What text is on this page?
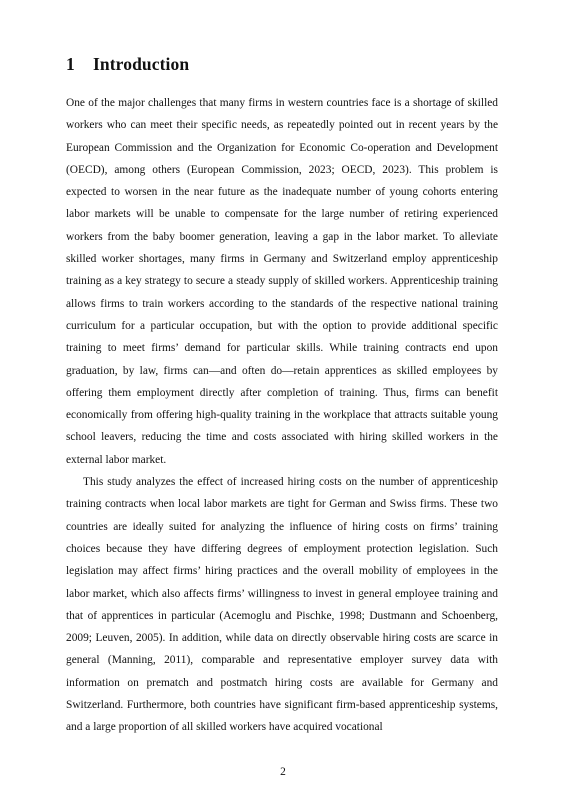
1 Introduction

One of the major challenges that many firms in western countries face is a shortage of skilled workers who can meet their specific needs, as repeatedly pointed out in recent years by the European Commission and the Organization for Economic Co-operation and Development (OECD), among others (European Commission, 2023; OECD, 2023). This problem is expected to worsen in the near future as the inadequate number of young cohorts entering labor markets will be unable to compensate for the large number of retiring experienced workers from the baby boomer generation, leaving a gap in the labor market. To alleviate skilled worker shortages, many firms in Germany and Switzerland employ apprenticeship training as a key strategy to secure a steady supply of skilled workers. Apprenticeship training allows firms to train workers according to the standards of the respective national training curriculum for a particular occupation, but with the option to provide additional specific training to meet firms’ demand for particular skills. While training contracts end upon graduation, by law, firms can—and often do—retain apprentices as skilled employees by offering them employment directly after completion of training. Thus, firms can benefit economically from offering high-quality training in the workplace that attracts suitable young school leavers, reducing the time and costs associated with hiring skilled workers in the external labor market.

This study analyzes the effect of increased hiring costs on the number of apprenticeship training contracts when local labor markets are tight for German and Swiss firms. These two countries are ideally suited for analyzing the influence of hiring costs on firms’ training choices because they have differing degrees of employment protection legislation. Such legislation may affect firms’ hiring practices and the overall mobility of employees in the labor market, which also affects firms’ willingness to invest in general employee training and that of apprentices in particular (Acemoglu and Pischke, 1998; Dustmann and Schoenberg, 2009; Leuven, 2005). In addition, while data on directly observable hiring costs are scarce in general (Manning, 2011), comparable and representative employer survey data with information on prematch and postmatch hiring costs are available for Germany and Switzerland. Furthermore, both countries have significant firm-based apprenticeship systems, and a large proportion of all skilled workers have acquired vocational

2
